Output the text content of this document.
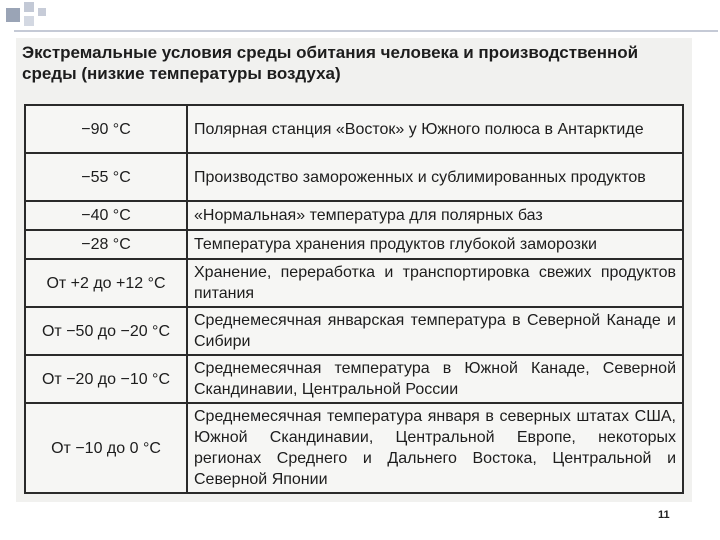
Экстремальные условия среды обитания человека и производственной среды (низкие температуры воздуха)
−90 °C	Полярная станция «Восток» у Южного полюса в Антарктиде
−55 °C	Производство замороженных и сублимированных продуктов
−40 °C	«Нормальная» температура для полярных баз
−28 °C	Температура хранения продуктов глубокой заморозки
От +2 до +12 °C	Хранение, переработка и транспортировка свежих продуктов питания
От −50 до −20 °C	Среднемесячная январская температура в Северной Канаде и Сибири
От −20 до −10 °C	Среднемесячная температура в Южной Канаде, Северной Скандинавии, Центральной России
От −10 до 0 °C	Среднемесячная температура января в северных штатах США, Южной Скандинавии, Центральной Европе, некоторых регионах Среднего и Дальнего Востока, Центральной и Северной Японии
11
